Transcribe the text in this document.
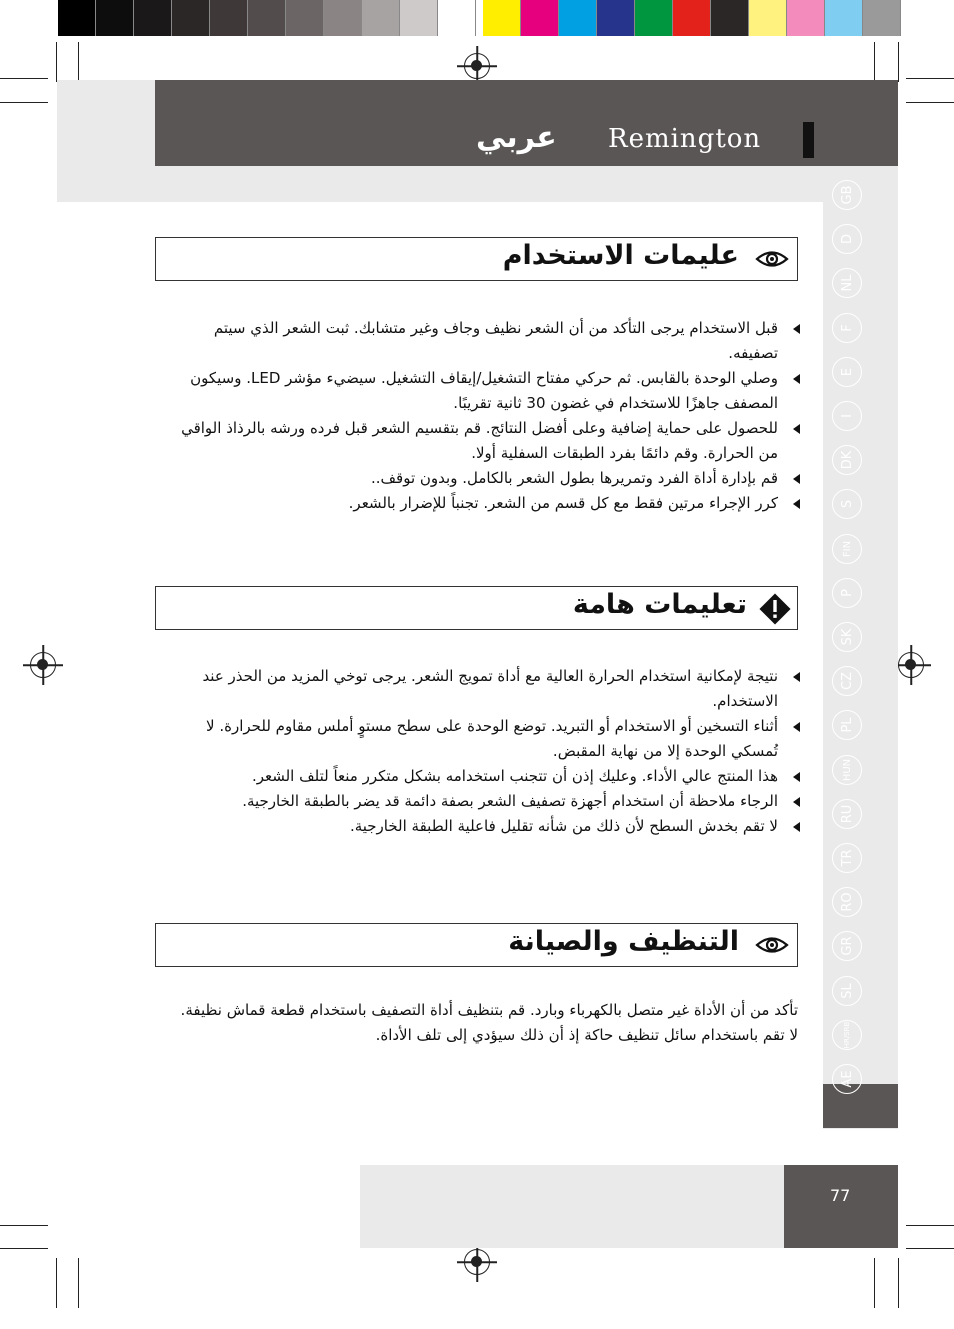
عربي Remington
عليمات الاستخدام
قبل الاستخدام يرجى التأكد من أن الشعر نظيف وجاف وغير متشابك. ثبت الشعر الذي سيتم تصفيفه.
وصلي الوحدة بالقابس. ثم حركي مفتاح التشغيل/إيقاف التشغيل. سيضيء مؤشر LED. وسيكون المصفف جاهزًا للاستخدام في غضون 30 ثانية تقريبًا.
للحصول على حماية إضافية وعلى أفضل النتائج. قم بتقسيم الشعر قبل فرده ورشه بالرذاذ الواقي من الحرارة. وقم دائمًا بفرد الطبقات السفلية أولا.
قم بإدارة أداة الفرد وتمريرها بطول الشعر بالكامل. وبدون توقف..
كرر الإجراء مرتين فقط مع كل قسم من الشعر. تجنباً للإضرار بالشعر.
تعليمات هامة
نتيجة لإمكانية استخدام الحرارة العالية مع أداة تمويج الشعر. يرجى توخي المزيد من الحذر عند الاستخدام.
أثناء التسخين أو الاستخدام أو التبريد. توضع الوحدة على سطح مستوٍ أملس مقاوم للحرارة. لا تُمسكي الوحدة إلا من نهاية المقبض.
هذا المنتج عالي الأداء. وعليك إذن أن تتجنب استخدامه بشكل متكرر منعاً لتلف الشعر.
الرجاء ملاحظة أن استخدام أجهزة تصفيف الشعر بصفة دائمة قد يضر بالطبقة الخارجية.
لا تقم بخدش السطح لأن ذلك من شأنه تقليل فاعلية الطبقة الخارجية.
التنظيف والصيانة
تأكد من أن الأداة غير متصل بالكهرباء وبارد. قم بتنظيف أداة التصفيف باستخدام قطعة قماش نظيفة. لا تقم باستخدام سائل تنظيف حاكة إذ أن ذلك سيؤدي إلى تلف الأداة.
GB
D
NL
F
E
I
DK
S
FIN
P
SK
CZ
PL
HUN
RU
TR
RO
GR
SL
HR/SRB
77
AE
